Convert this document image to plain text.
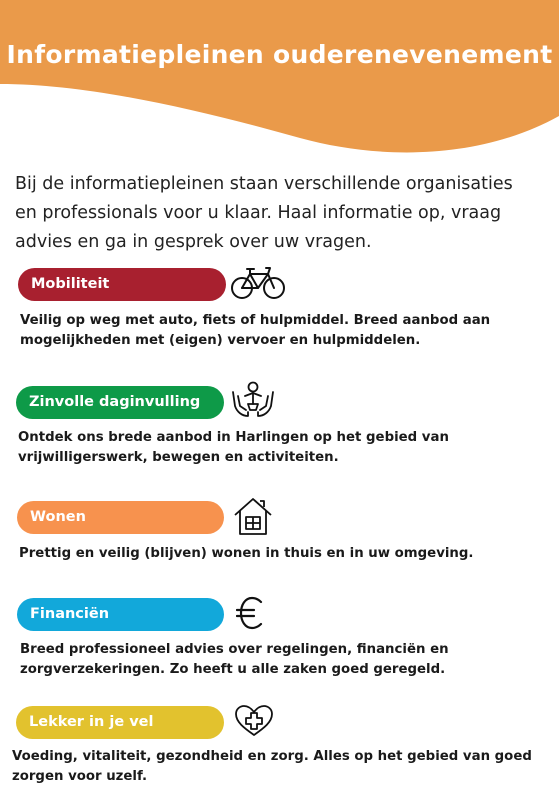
Informatiepleinen ouderenevenement
Bij de informatiepleinen staan verschillende organisaties en professionals voor u klaar. Haal informatie op, vraag advies en ga in gesprek over uw vragen.
Mobiliteit
Veilig op weg met auto, fiets of hulpmiddel. Breed aanbod aan mogelijkheden met (eigen) vervoer en hulpmiddelen.
Zinvolle daginvulling
Ontdek ons brede aanbod in Harlingen op het gebied van vrijwilligerswerk, bewegen en activiteiten.
Wonen
Prettig en veilig (blijven) wonen in thuis en in uw omgeving.
Financiën
Breed professioneel advies over regelingen, financiën en zorgverzekeringen. Zo heeft u alle zaken goed geregeld.
Lekker in je vel
Voeding, vitaliteit, gezondheid en zorg. Alles op het gebied van goed zorgen voor uzelf.
